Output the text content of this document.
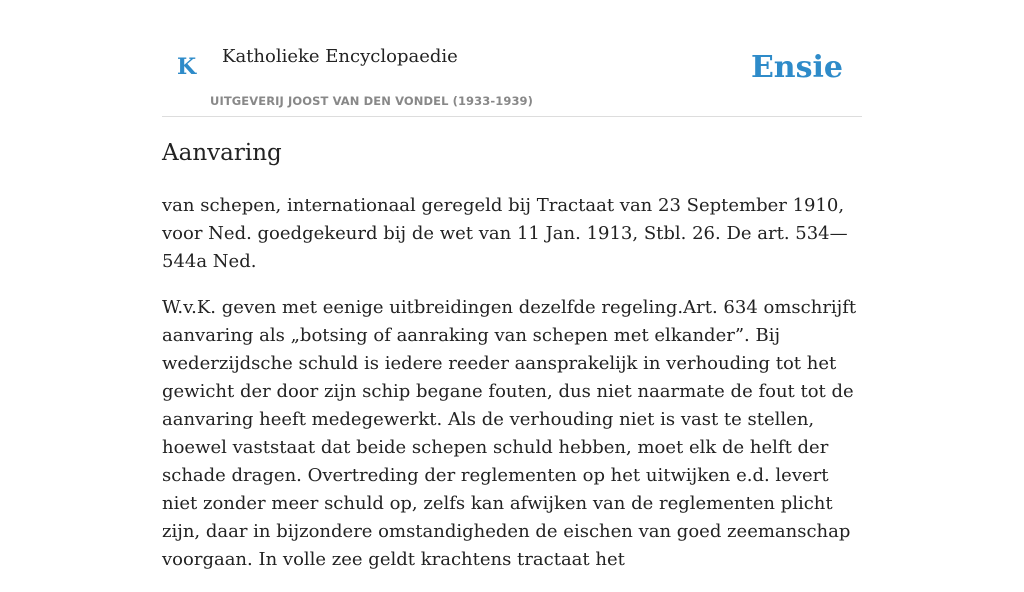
K Katholieke Encyclopaedie
UITGEVERIJ JOOST VAN DEN VONDEL (1933-1939)
Ensie
Aanvaring

van schepen, internationaal geregeld bij Tractaat van 23 September 1910, voor Ned. goedgekeurd bij de wet van 11 Jan. 1913, Stbl. 26. De art. 534—544a Ned.

W.v.K. geven met eenige uitbreidingen dezelfde regeling.Art. 634 omschrijft aanvaring als „botsing of aanraking van schepen met elkander”. Bij wederzijdsche schuld is iedere reeder aansprakelijk in verhouding tot het gewicht der door zijn schip begane fouten, dus niet naarmate de fout tot de aanvaring heeft medegewerkt. Als de verhouding niet is vast te stellen, hoewel vaststaat dat beide schepen schuld hebben, moet elk de helft der schade dragen. Overtreding der reglementen op het uitwijken e.d. levert niet zonder meer schuld op, zelfs kan afwijken van de reglementen plicht zijn, daar in bijzondere omstandigheden de eischen van goed zeemanschap voorgaan. In volle zee geldt krachtens tractaat het
